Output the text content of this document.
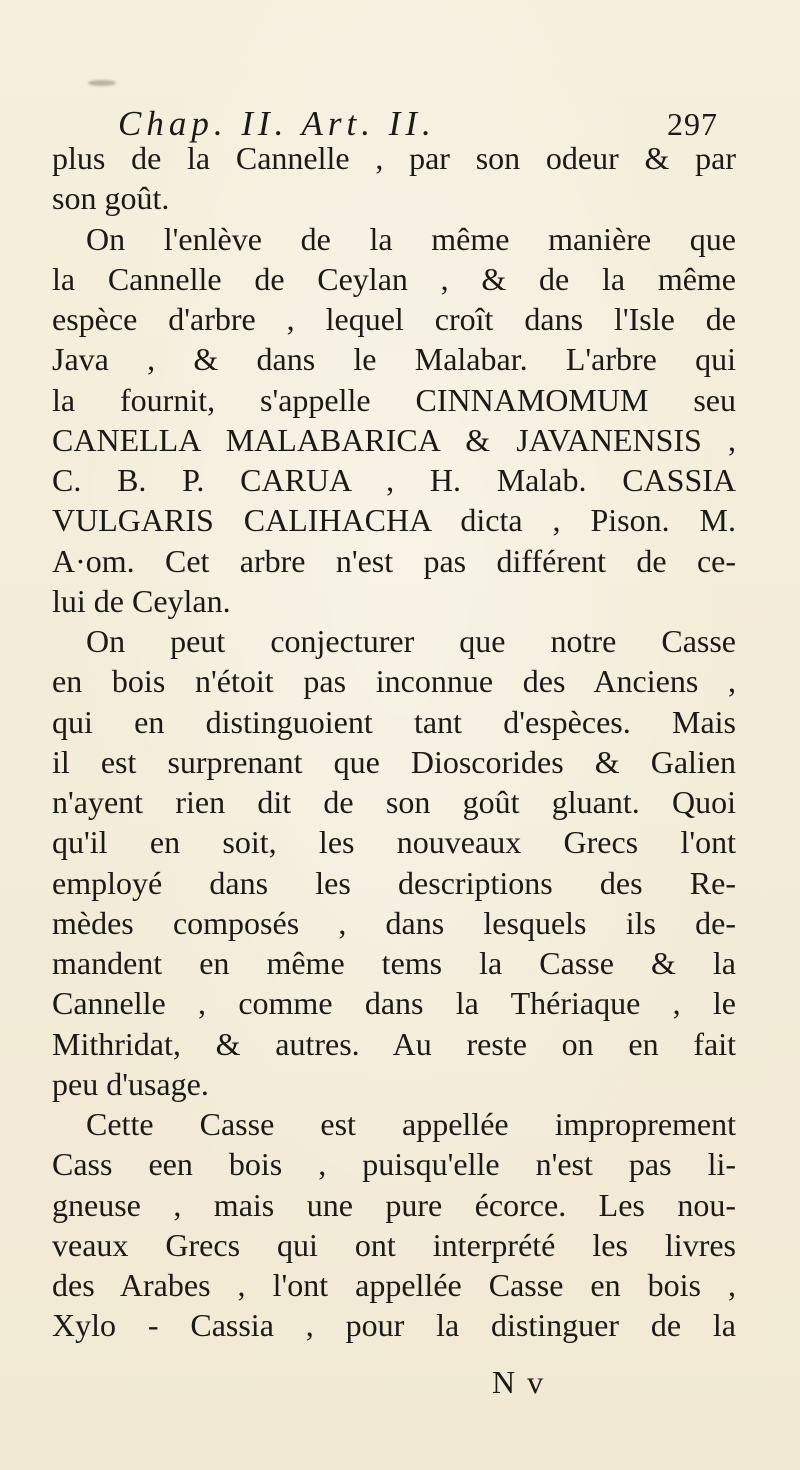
Chap. II. Art. II.	297
plus de la Cannelle , par son odeur & par
son goût.
On l'enlève de la même manière que
la Cannelle de Ceylan , & de la même
espèce d'arbre , lequel croît dans l'Isle de
Java , & dans le Malabar. L'arbre qui
la fournit, s'appelle CINNAMOMUM seu
CANELLA MALABARICA & JAVANENSIS ,
C. B. P. CARUA , H. Malab. CASSIA
VULGARIS CALIHACHA dicta , Pison. M.
A·om. Cet arbre n'est pas différent de ce-
lui de Ceylan.
On peut conjecturer que notre Casse
en bois n'étoit pas inconnue des Anciens ,
qui en distinguoient tant d'espèces. Mais
il est surprenant que Dioscorides & Galien
n'ayent rien dit de son goût gluant. Quoi
qu'il en soit, les nouveaux Grecs l'ont
employé dans les descriptions des Re-
mèdes composés , dans lesquels ils de-
mandent en même tems la Casse & la
Cannelle , comme dans la Thériaque , le
Mithridat, & autres. Au reste on en fait
peu d'usage.
Cette Casse est appellée improprement
Cass een bois , puisqu'elle n'est pas li-
gneuse , mais une pure écorce. Les nou-
veaux Grecs qui ont interprété les livres
des Arabes , l'ont appellée Casse en bois ,
Xylo - Cassia , pour la distinguer de la
N v
